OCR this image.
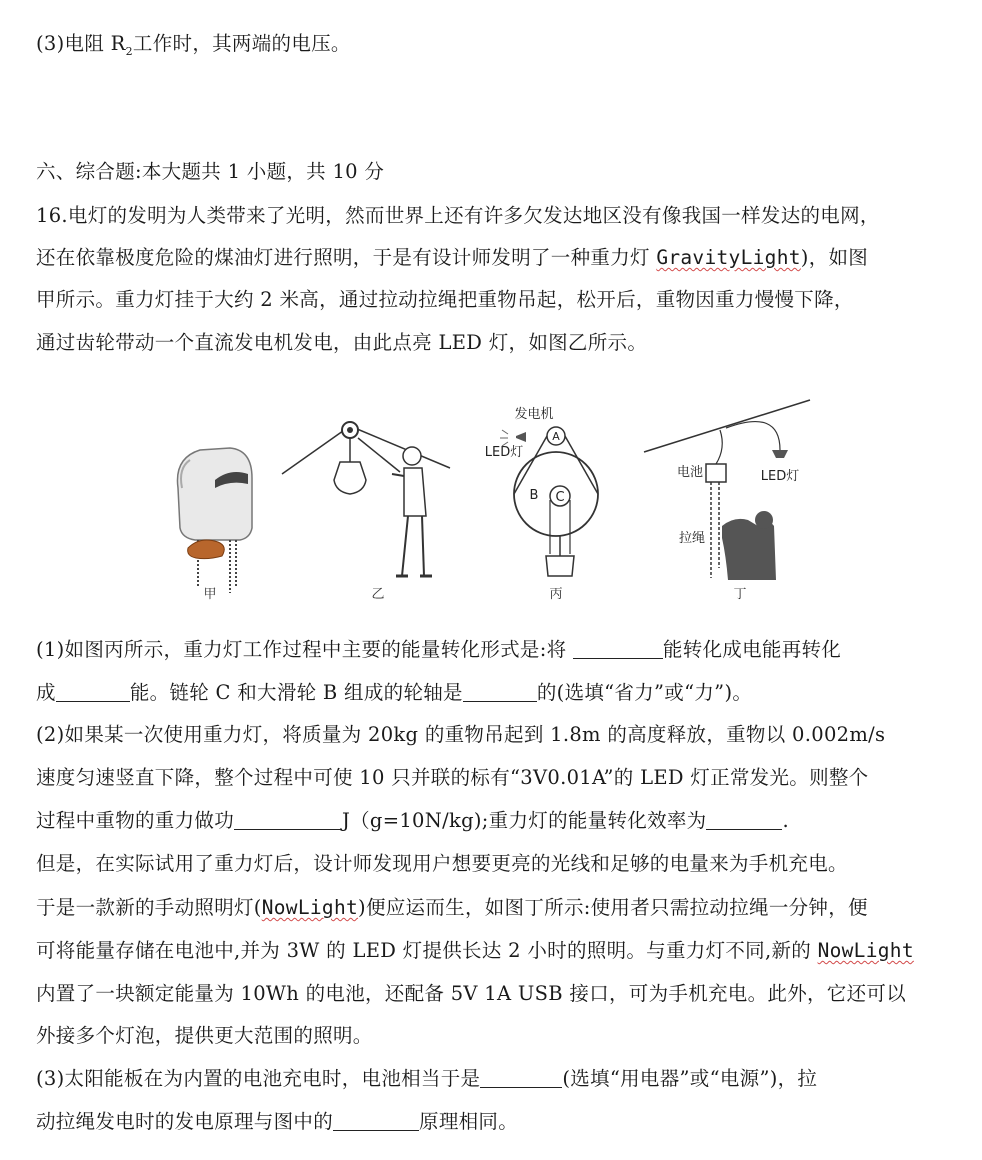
(3)电阻 $R_2$工作时，其两端的电压。
六、综合题:本大题共 1 小题，共 10 分
16.电灯的发明为人类带来了光明，然而世界上还有许多欠发达地区没有像我国一样发达的电网，
还在依靠极度危险的煤油灯进行照明，于是有设计师发明了一种重力灯 GravityLight)，如图
甲所示。重力灯挂于大约 2 米高，通过拉动拉绳把重物吊起，松开后，重物因重力慢慢下降，
通过齿轮带动一个直流发电机发电，由此点亮 LED 灯，如图乙所示。
甲	乙
发电机
LED灯
A
C
B
丙
LED灯
电池
拉绳
丁
(1)如图丙所示，重力灯工作过程中主要的能量转化形式是:将	能转化成电能再转化
成	能。链轮 C 和大滑轮 B 组成的轮轴是	的(选填“省力”或“力”)。
(2)如果某一次使用重力灯，将质量为 20kg 的重物吊起到 1.8m 的高度释放，重物以 0.002m/s
速度匀速竖直下降，整个过程中可使 10 只并联的标有“3V0.01A”的 LED 灯正常发光。则整个
过程中重物的重力做功	J（g=10N/kg);重力灯的能量转化效率为	.
但是，在实际试用了重力灯后，设计师发现用户想要更亮的光线和足够的电量来为手机充电。
于是一款新的手动照明灯(NowLight)便应运而生，如图丁所示:使用者只需拉动拉绳一分钟，便
可将能量存储在电池中,并为 3W 的 LED 灯提供长达 2 小时的照明。与重力灯不同,新的 NowLight
内置了一块额定能量为 10Wh 的电池，还配备 5V 1A USB 接口，可为手机充电。此外，它还可以
外接多个灯泡，提供更大范围的照明。
(3)太阳能板在为内置的电池充电时，电池相当于是	(选填“用电器”或“电源”)，拉
动拉绳发电时的发电原理与图中的	原理相同。
